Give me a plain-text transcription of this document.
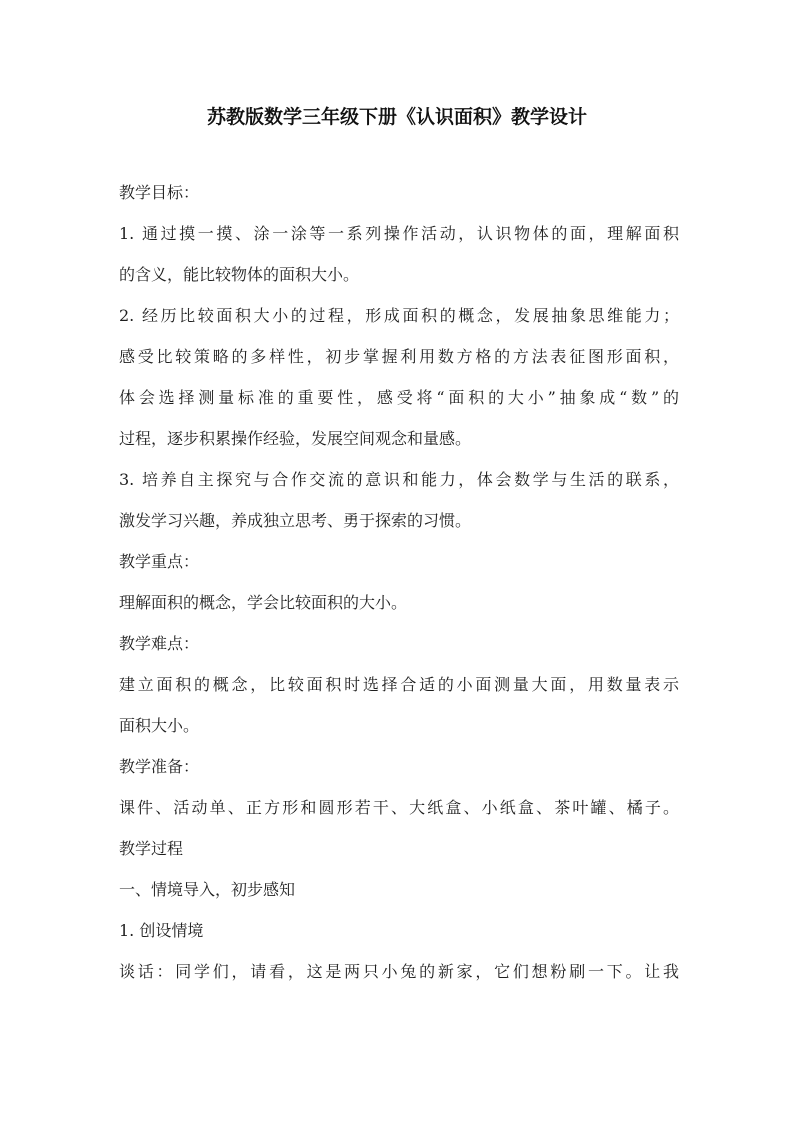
苏教版数学三年级下册《认识面积》教学设计
教学目标：
1. 通过摸一摸、涂一涂等一系列操作活动，认识物体的面，理解面积
的含义，能比较物体的面积大小。
2. 经历比较面积大小的过程，形成面积的概念，发展抽象思维能力；
感受比较策略的多样性，初步掌握利用数方格的方法表征图形面积，
体会选择测量标准的重要性，感受将“面积的大小”抽象成“数”的
过程，逐步积累操作经验，发展空间观念和量感。
3. 培养自主探究与合作交流的意识和能力，体会数学与生活的联系，
激发学习兴趣，养成独立思考、勇于探索的习惯。
教学重点：
理解面积的概念，学会比较面积的大小。
教学难点：
建立面积的概念，比较面积时选择合适的小面测量大面，用数量表示
面积大小。
教学准备：
课件、活动单、正方形和圆形若干、大纸盒、小纸盒、茶叶罐、橘子。
教学过程
一、情境导入，初步感知
1. 创设情境
谈话：同学们，请看，这是两只小兔的新家，它们想粉刷一下。让我
